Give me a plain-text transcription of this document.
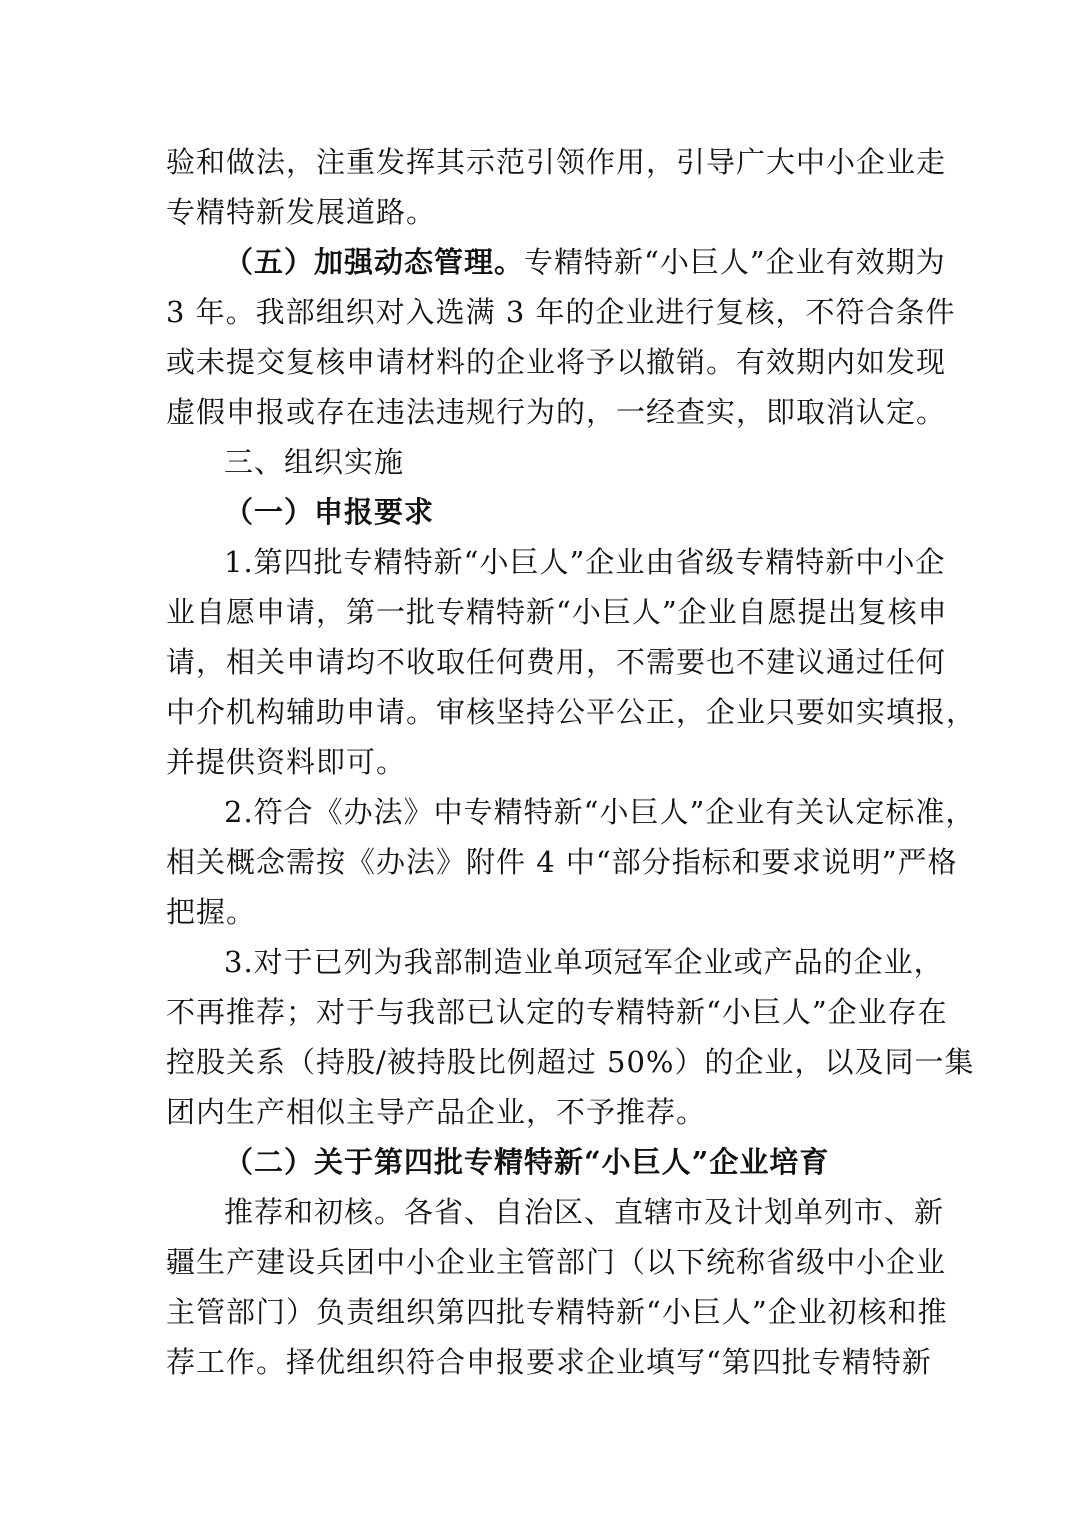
验和做法，注重发挥其示范引领作用，引导广大中小企业走
专精特新发展道路。
（五）加强动态管理。专精特新“小巨人”企业有效期为
3 年。我部组织对入选满 3 年的企业进行复核，不符合条件
或未提交复核申请材料的企业将予以撤销。有效期内如发现
虚假申报或存在违法违规行为的，一经查实，即取消认定。
三、组织实施
（一）申报要求
1.第四批专精特新“小巨人”企业由省级专精特新中小企
业自愿申请，第一批专精特新“小巨人”企业自愿提出复核申
请，相关申请均不收取任何费用，不需要也不建议通过任何
中介机构辅助申请。审核坚持公平公正，企业只要如实填报，
并提供资料即可。
2.符合《办法》中专精特新“小巨人”企业有关认定标准，
相关概念需按《办法》附件 4 中“部分指标和要求说明”严格
把握。
3.对于已列为我部制造业单项冠军企业或产品的企业，
不再推荐；对于与我部已认定的专精特新“小巨人”企业存在
控股关系（持股/被持股比例超过 50%）的企业，以及同一集
团内生产相似主导产品企业，不予推荐。
（二）关于第四批专精特新“小巨人”企业培育
推荐和初核。各省、自治区、直辖市及计划单列市、新
疆生产建设兵团中小企业主管部门（以下统称省级中小企业
主管部门）负责组织第四批专精特新“小巨人”企业初核和推
荐工作。择优组织符合申报要求企业填写“第四批专精特新
